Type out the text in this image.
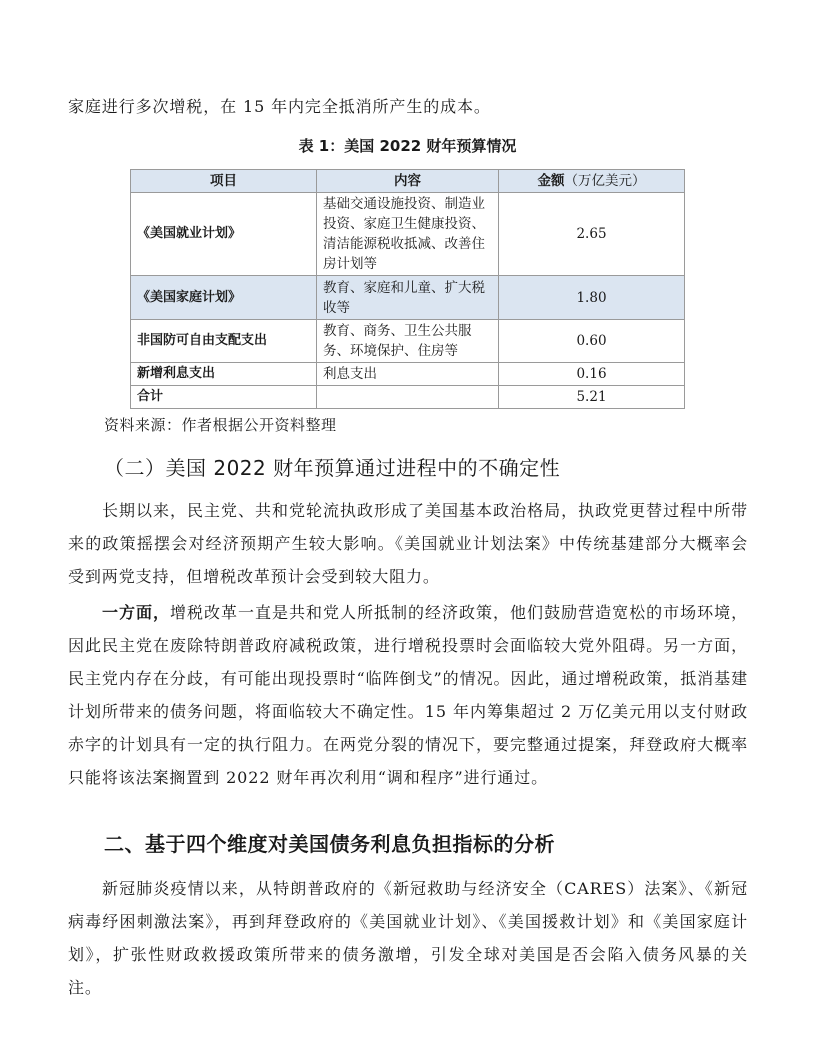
家庭进行多次增税，在 15 年内完全抵消所产生的成本。
表 1：美国 2022 财年预算情况
项目	内容	金额（万亿美元）
《美国就业计划》	基础交通设施投资、制造业投资、家庭卫生健康投资、清洁能源税收抵减、改善住房计划等	2.65
《美国家庭计划》	教育、家庭和儿童、扩大税收等	1.80
非国防可自由支配支出	教育、商务、卫生公共服务、环境保护、住房等	0.60
新增利息支出	利息支出	0.16
合计		5.21
资料来源：作者根据公开资料整理
（二）美国 2022 财年预算通过进程中的不确定性
长期以来，民主党、共和党轮流执政形成了美国基本政治格局，执政党更替过程中所带来的政策摇摆会对经济预期产生较大影响。《美国就业计划法案》中传统基建部分大概率会受到两党支持，但增税改革预计会受到较大阻力。
一方面，增税改革一直是共和党人所抵制的经济政策，他们鼓励营造宽松的市场环境，因此民主党在废除特朗普政府减税政策，进行增税投票时会面临较大党外阻碍。另一方面，民主党内存在分歧，有可能出现投票时“临阵倒戈”的情况。因此，通过增税政策，抵消基建计划所带来的债务问题，将面临较大不确定性。15 年内筹集超过 2 万亿美元用以支付财政赤字的计划具有一定的执行阻力。在两党分裂的情况下，要完整通过提案，拜登政府大概率只能将该法案搁置到 2022 财年再次利用“调和程序”进行通过。
二、基于四个维度对美国债务利息负担指标的分析
新冠肺炎疫情以来，从特朗普政府的《新冠救助与经济安全（CARES）法案》、《新冠病毒纾困刺激法案》，再到拜登政府的《美国就业计划》、《美国援救计划》和《美国家庭计划》，扩张性财政救援政策所带来的债务激增，引发全球对美国是否会陷入债务风暴的关注。
